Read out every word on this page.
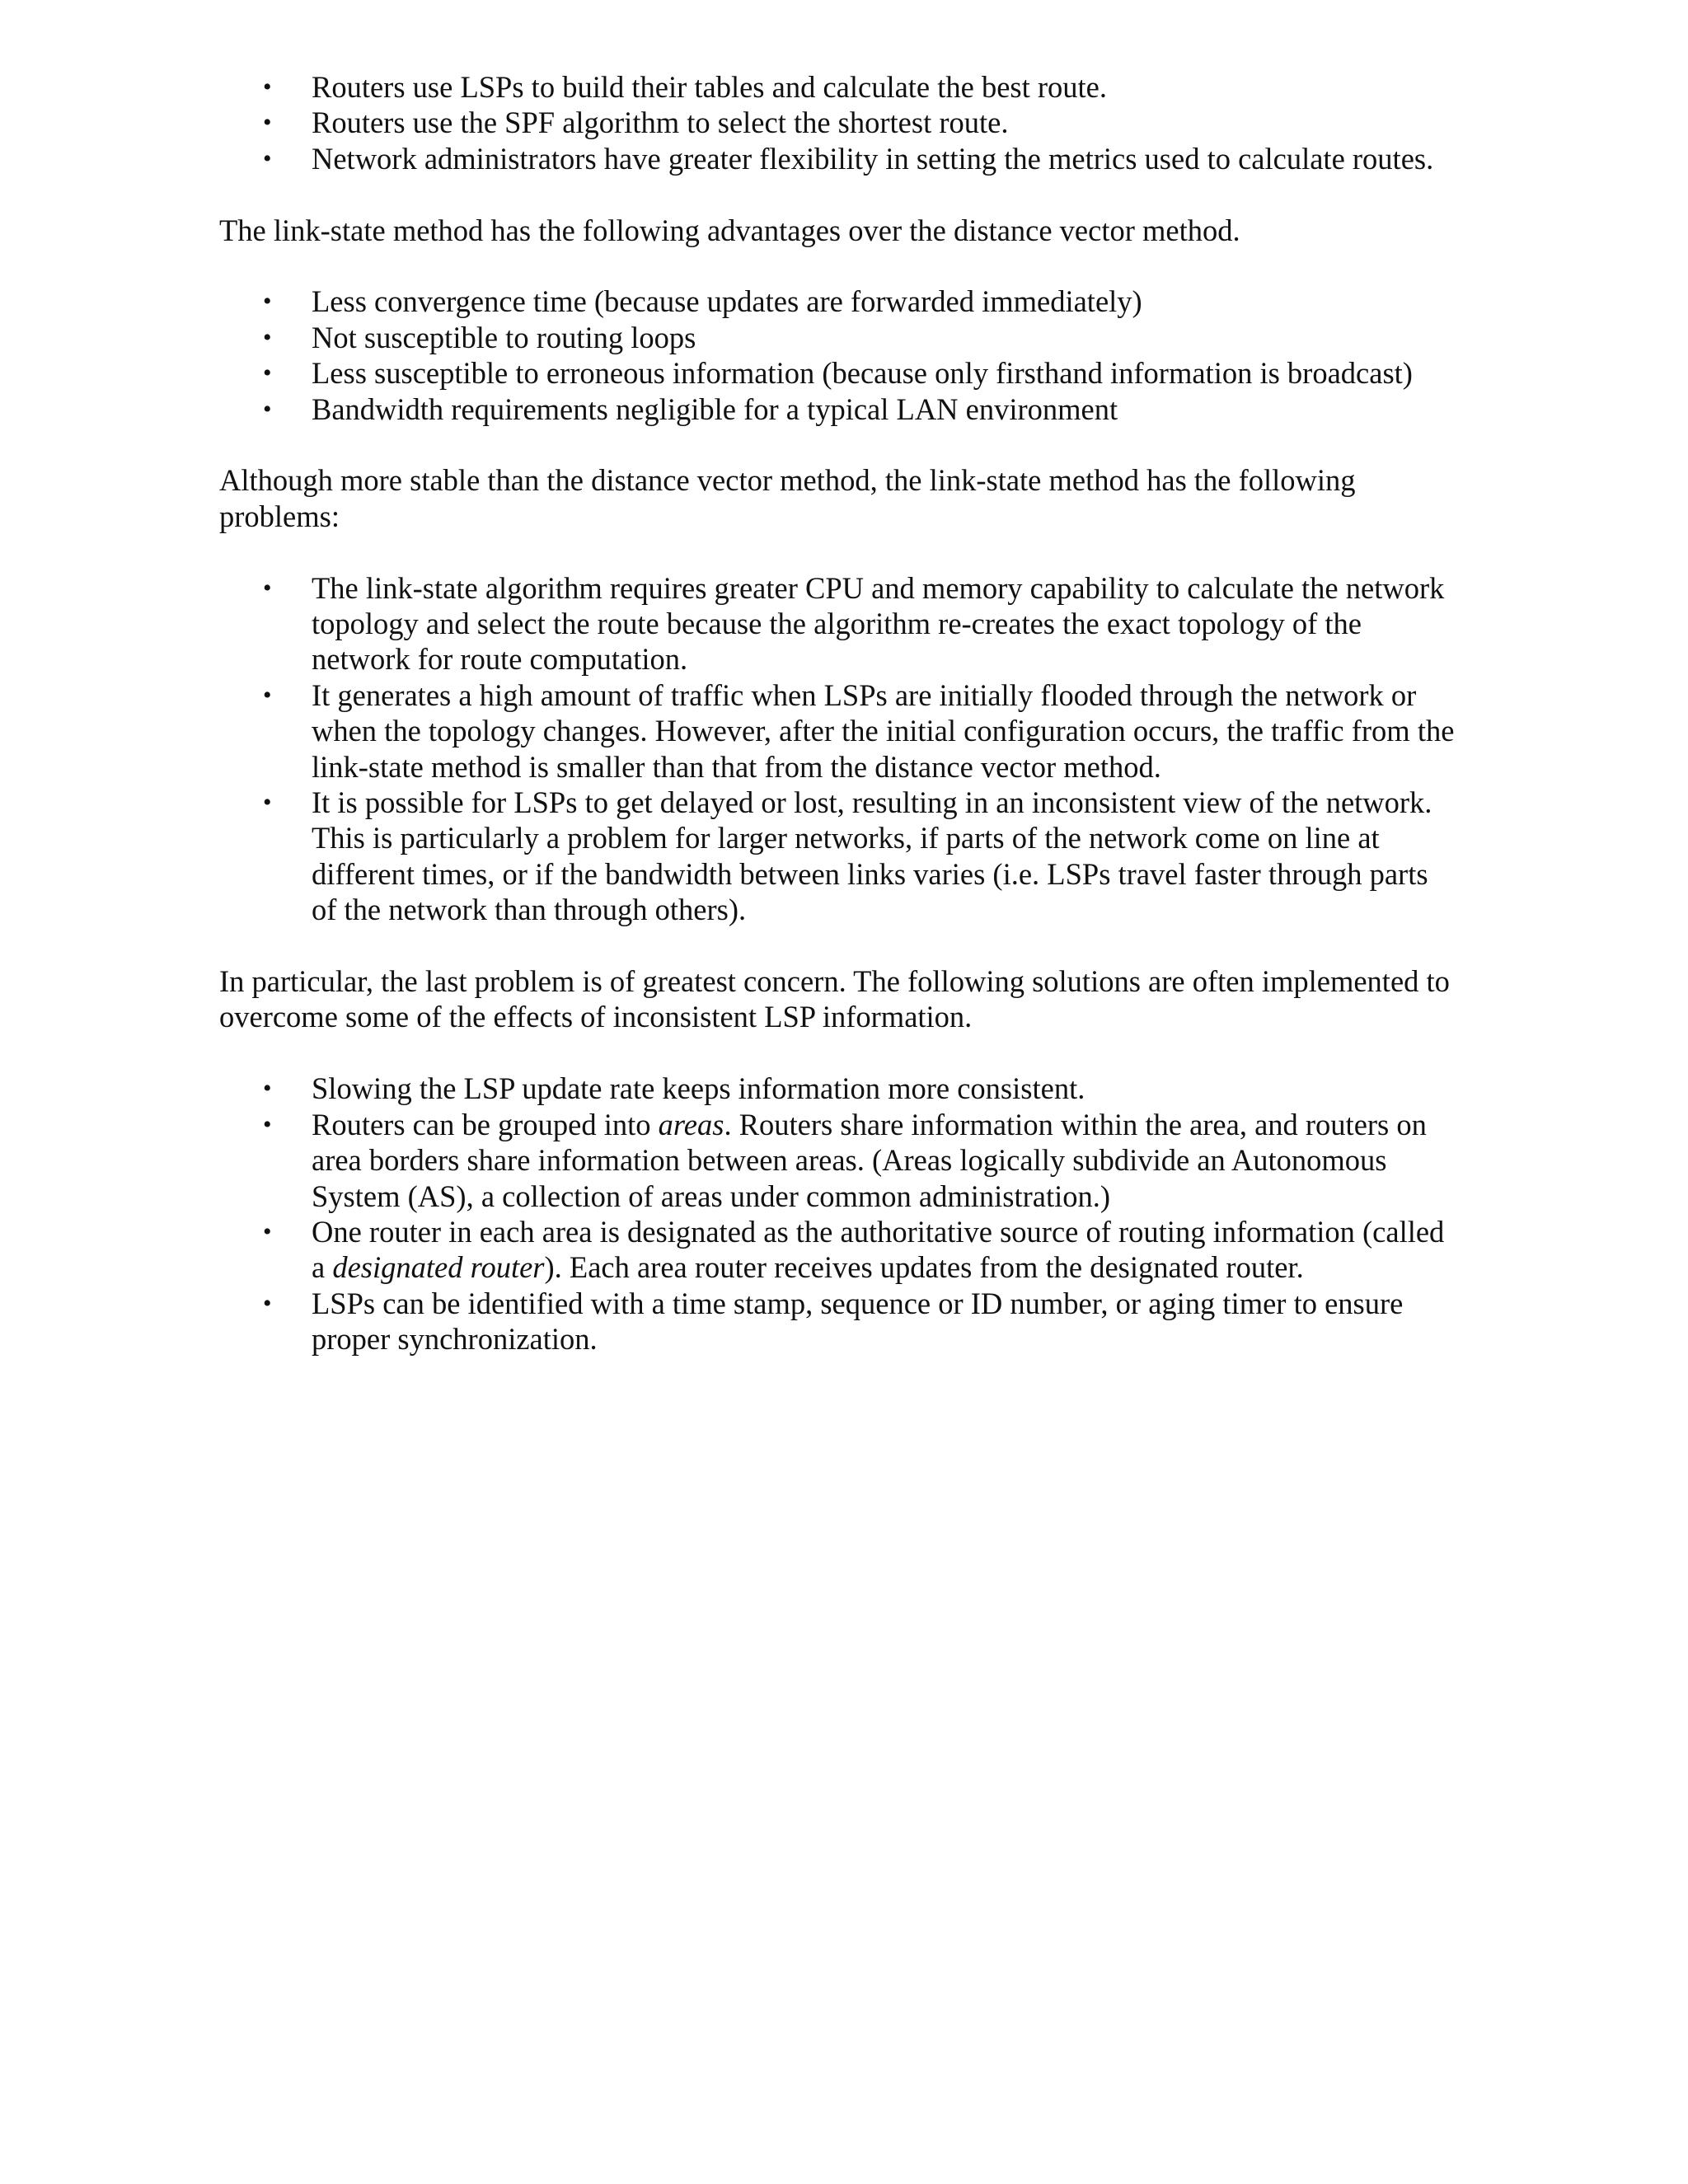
• Routers use LSPs to build their tables and calculate the best route.
• Routers use the SPF algorithm to select the shortest route.
• Network administrators have greater flexibility in setting the metrics used to calculate routes.

The link-state method has the following advantages over the distance vector method.

• Less convergence time (because updates are forwarded immediately)
• Not susceptible to routing loops
• Less susceptible to erroneous information (because only firsthand information is broadcast)
• Bandwidth requirements negligible for a typical LAN environment

Although more stable than the distance vector method, the link-state method has the following problems:

• The link-state algorithm requires greater CPU and memory capability to calculate the network topology and select the route because the algorithm re-creates the exact topology of the network for route computation.
• It generates a high amount of traffic when LSPs are initially flooded through the network or when the topology changes. However, after the initial configuration occurs, the traffic from the link-state method is smaller than that from the distance vector method.
• It is possible for LSPs to get delayed or lost, resulting in an inconsistent view of the network. This is particularly a problem for larger networks, if parts of the network come on line at different times, or if the bandwidth between links varies (i.e. LSPs travel faster through parts of the network than through others).

In particular, the last problem is of greatest concern. The following solutions are often implemented to overcome some of the effects of inconsistent LSP information.

• Slowing the LSP update rate keeps information more consistent.
• Routers can be grouped into areas. Routers share information within the area, and routers on area borders share information between areas. (Areas logically subdivide an Autonomous System (AS), a collection of areas under common administration.)
• One router in each area is designated as the authoritative source of routing information (called a designated router). Each area router receives updates from the designated router.
• LSPs can be identified with a time stamp, sequence or ID number, or aging timer to ensure proper synchronization.
